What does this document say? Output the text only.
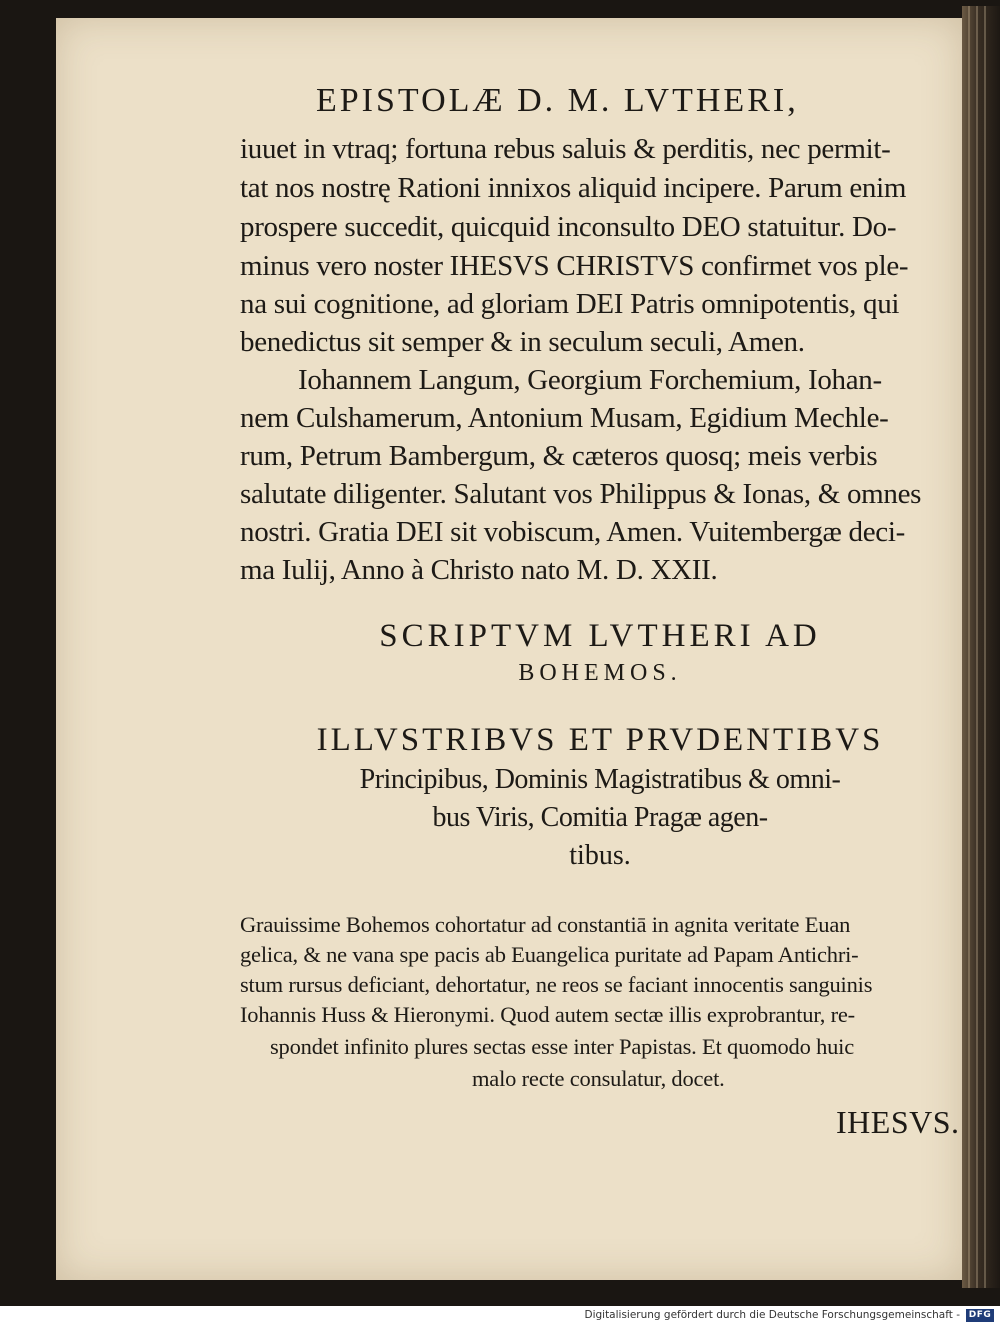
EPISTOLÆ D. M. LVTHERI,
iuuet in vtraq; fortuna rebus saluis & perditis, nec permit-
tat nos nostrę Rationi innixos aliquid incipere. Parum enim
prospere succedit, quicquid inconsulto DEO statuitur. Do-
minus vero noster IHESVS CHRISTVS confirmet vos ple-
na sui cognitione, ad gloriam DEI Patris omnipotentis, qui
benedictus sit semper & in seculum seculi, Amen.
Iohannem Langum, Georgium Forchemium, Iohan-
nem Culshamerum, Antonium Musam, Egidium Mechle-
rum, Petrum Bambergum, & cæteros quosq; meis verbis
salutate diligenter. Salutant vos Philippus & Ionas, & omnes
nostri. Gratia DEI sit vobiscum, Amen. Vuitembergæ deci-
ma Iulij, Anno à Christo nato M. D. XXII.
SCRIPTVM LVTHERI AD
BOHEMOS.
ILLVSTRIBVS ET PRVDENTIBVS
Principibus, Dominis Magistratibus & omni-
bus Viris, Comitia Pragæ agen-
tibus.
Grauissime Bohemos cohortatur ad constantiā in agnita veritate Euan
gelica, & ne vana spe pacis ab Euangelica puritate ad Papam Antichri-
stum rursus deficiant, dehortatur, ne reos se faciant innocentis sanguinis
Iohannis Huss & Hieronymi. Quod autem sectæ illis exprobrantur, re-
spondet infinito plures sectas esse inter Papistas. Et quomodo huic
malo recte consulatur, docet.
IHESVS.
Digitalisierung gefördert durch die Deutsche Forschungsgemeinschaft - DFG
